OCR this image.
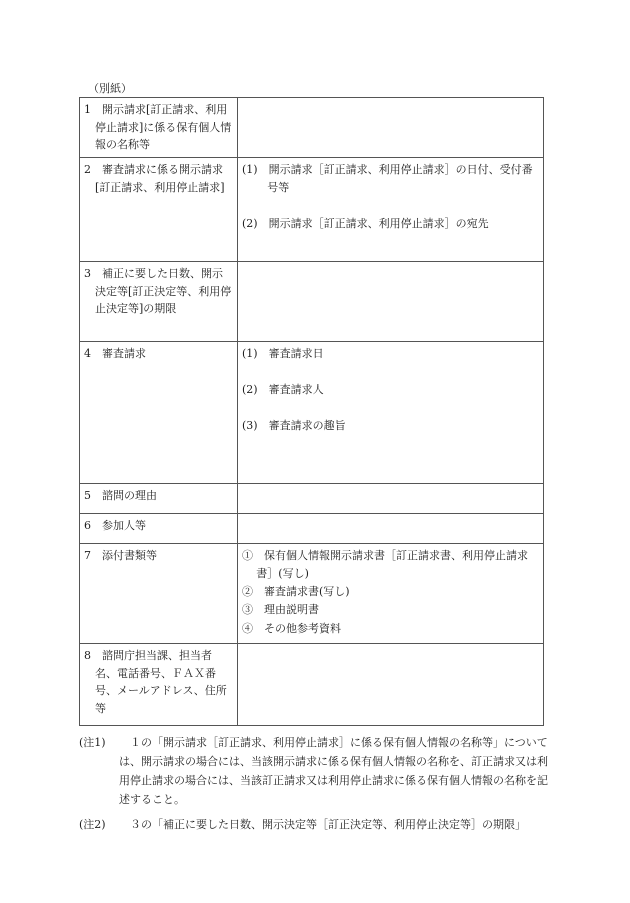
（別紙）
1　開示請求[訂正請求、利用停止請求]に係る保有個人情報の名称等	

2　審査請求に係る開示請求[訂正請求、利用停止請求]	(1)　開示請求［訂正請求、利用停止請求］の日付、受付番号等
(2)　開示請求［訂正請求、利用停止請求］の宛先

3　補正に要した日数、開示決定等[訂正決定等、利用停止決定等]の期限	

4　審査請求	(1)　審査請求日
(2)　審査請求人
(3)　審査請求の趣旨

5　諮問の理由	

6　参加人等	

7　添付書類等	①　保有個人情報開示請求書［訂正請求書、利用停止請求書］(写し)
②　審査請求書(写し)
③　理由説明書
④　その他参考資料

8　諮問庁担当課、担当者名、電話番号、ＦＡＸ番号、メールアドレス、住所等	

(注1)	１の「開示請求［訂正請求、利用停止請求］に係る保有個人情報の名称等」については、開示請求の場合には、当該開示請求に係る保有個人情報の名称を、訂正請求又は利用停止請求の場合には、当該訂正請求又は利用停止請求に係る保有個人情報の名称を記述すること。
(注2)	３の「補正に要した日数、開示決定等［訂正決定等、利用停止決定等］の期限」
